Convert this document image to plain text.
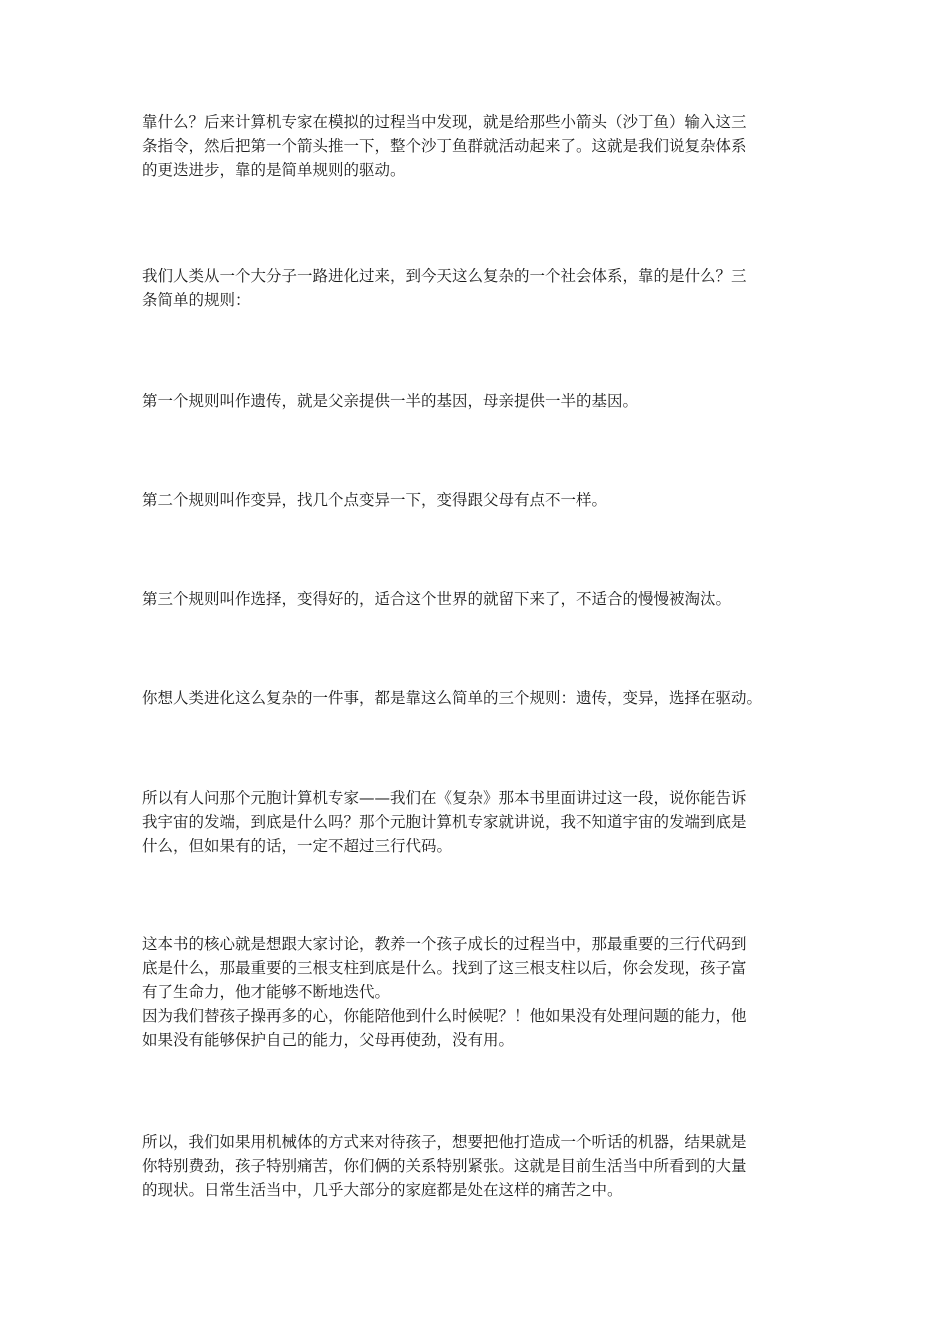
靠什么？后来计算机专家在模拟的过程当中发现，就是给那些小箭头（沙丁鱼）输入这三
条指令，然后把第一个箭头推一下，整个沙丁鱼群就活动起来了。这就是我们说复杂体系
的更迭进步，靠的是简单规则的驱动。
我们人类从一个大分子一路进化过来，到今天这么复杂的一个社会体系，靠的是什么？三
条简单的规则：
第一个规则叫作遗传，就是父亲提供一半的基因，母亲提供一半的基因。
第二个规则叫作变异，找几个点变异一下，变得跟父母有点不一样。
第三个规则叫作选择，变得好的，适合这个世界的就留下来了，不适合的慢慢被淘汰。
你想人类进化这么复杂的一件事，都是靠这么简单的三个规则：遗传，变异，选择在驱动。
所以有人问那个元胞计算机专家——我们在《复杂》那本书里面讲过这一段，说你能告诉
我宇宙的发端，到底是什么吗？那个元胞计算机专家就讲说，我不知道宇宙的发端到底是
什么，但如果有的话，一定不超过三行代码。
这本书的核心就是想跟大家讨论，教养一个孩子成长的过程当中，那最重要的三行代码到
底是什么，那最重要的三根支柱到底是什么。找到了这三根支柱以后，你会发现，孩子富
有了生命力，他才能够不断地迭代。
因为我们替孩子操再多的心，你能陪他到什么时候呢？！他如果没有处理问题的能力，他
如果没有能够保护自己的能力，父母再使劲，没有用。
所以，我们如果用机械体的方式来对待孩子，想要把他打造成一个听话的机器，结果就是
你特别费劲，孩子特别痛苦，你们俩的关系特别紧张。这就是目前生活当中所看到的大量
的现状。日常生活当中，几乎大部分的家庭都是处在这样的痛苦之中。
